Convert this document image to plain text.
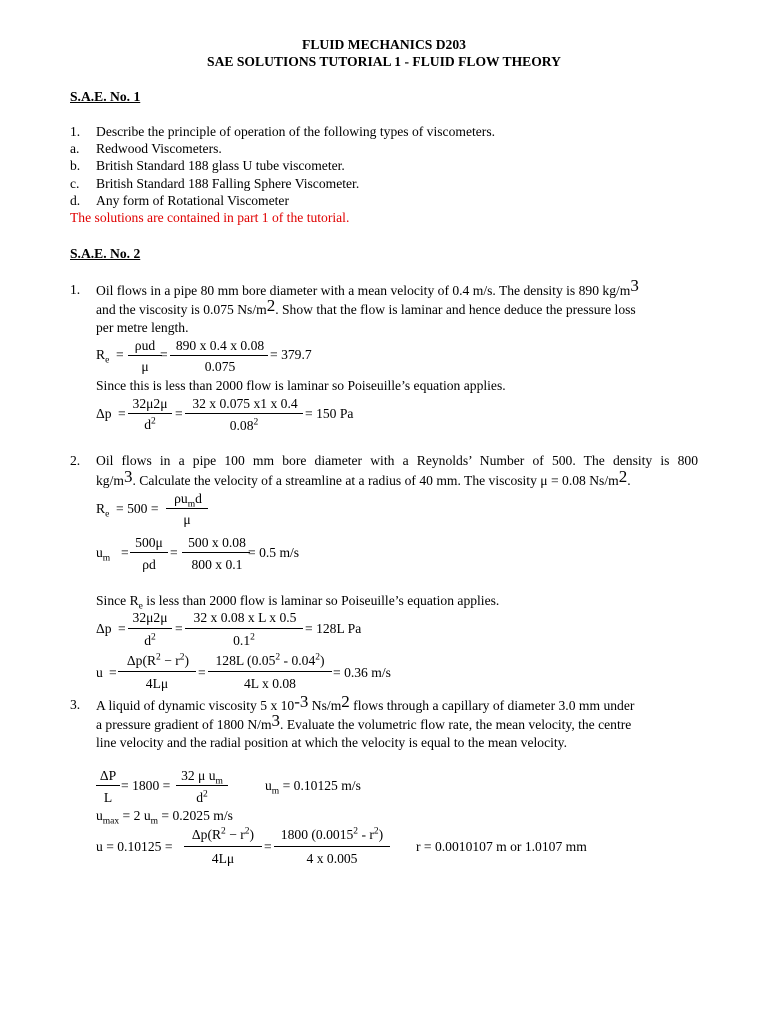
FLUID MECHANICS D203
SAE SOLUTIONS TUTORIAL 1 - FLUID FLOW THEORY
S.A.E. No. 1
1. Describe the principle of operation of the following types of viscometers.
a. Redwood Viscometers.
b. British Standard 188 glass U tube viscometer.
c. British Standard 188 Falling Sphere Viscometer.
d. Any form of Rotational Viscometer
The solutions are contained in part 1 of the tutorial.
S.A.E. No. 2
1. Oil flows in a pipe 80 mm bore diameter with a mean velocity of 0.4 m/s. The density is 890 kg/m3
and the viscosity is 0.075 Ns/m2. Show that the flow is laminar and hence deduce the pressure loss
per metre length.
$R_e$ =
ρud
μ
=
890 x 0.4 x 0.08
0.075
= 379.7
Since this is less than 2000 flow is laminar so Poiseuille’s equation applies.
Δp =
32μ2μ
$d^2$
=
32 x 0.075 x1 x 0.4
$0.08^2$
= 150 Pa
2. Oil flows in a pipe 100 mm bore diameter with a Reynolds’ Number of 500. The density is 800
kg/m3. Calculate the velocity of a streamline at a radius of 40 mm. The viscosity μ = 0.08 Ns/m2.
$R_e = 500$ =
$\rho u_md$
μ
$u_m$ =
500μ
ρd
=
500 x 0.08
800 x 0.1
= 0.5 m/s
Since $R_e$ is less than 2000 flow is laminar so Poiseuille’s equation applies.
Δp =
32μ2μ
$d^2$
=
32 x 0.08 x L x 0.5
$0.1^2$
= 128L Pa
u =
$\Delta p(R^2 - r^2)$
4Lμ
=
128L (0.05$^2$ - 0.04$^2$)
4L x 0.08
= 0.36 m/s
3. A liquid of dynamic viscosity 5 x 10-3 Ns/m2 flows through a capillary of diameter 3.0 mm under
a pressure gradient of 1800 N/m3. Evaluate the volumetric flow rate, the mean velocity, the centre
line velocity and the radial position at which the velocity is equal to the mean velocity.
ΔP
L
= 1800 =
32 μ $u_m$
$d^2$
$u_m = 0.10125$ m/s
$u_{max} = 2$ $u_m = 0.2025$ m/s
u = 0.10125 =
$\Delta p(R^2 - r^2)$
4Lμ
=
1800 $(0.0015^2 - r^2)$
4 x 0.005
r = 0.0010107 m or 1.0107 mm
